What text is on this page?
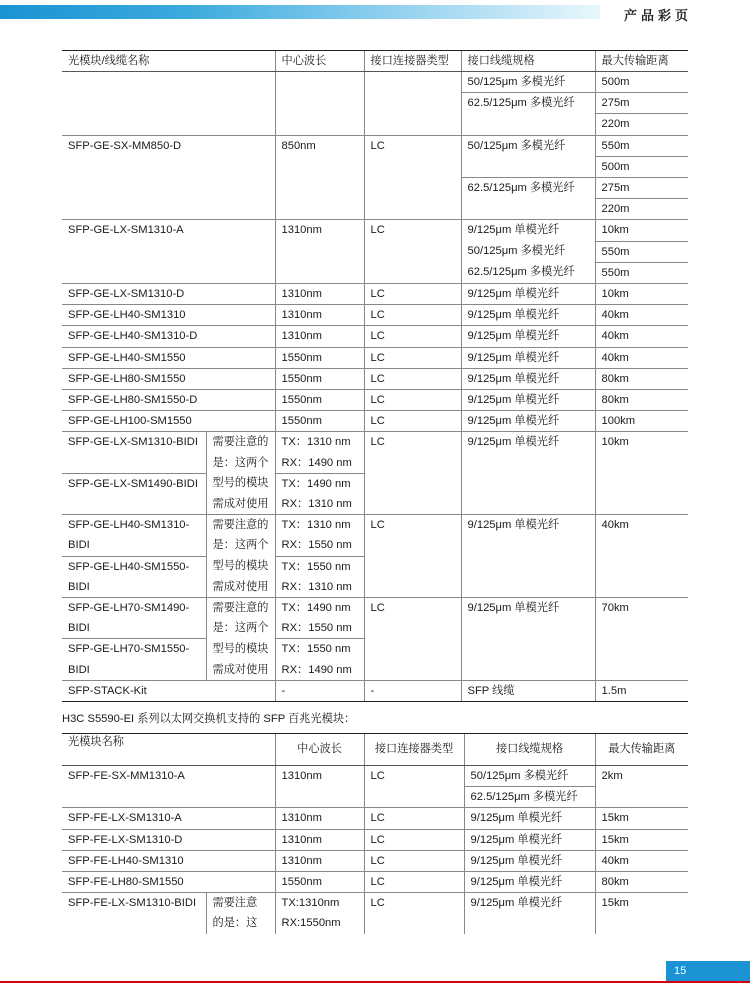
产品彩页
光模块/线缆名称		中心波长	接口连接器类型	接口线缆规格	最大传输距离
				50/125μm 多模光纤	500m
				62.5/125μm 多模光纤	275m
					220m
SFP-GE-SX-MM850-D		850nm	LC	50/125μm 多模光纤	550m
					500m
				62.5/125μm 多模光纤	275m
					220m
SFP-GE-LX-SM1310-A		1310nm	LC	9/125μm 单模光纤	10km
				50/125μm 多模光纤	550m
				62.5/125μm 多模光纤	550m
SFP-GE-LX-SM1310-D		1310nm	LC	9/125μm 单模光纤	10km
SFP-GE-LH40-SM1310		1310nm	LC	9/125μm 单模光纤	40km
SFP-GE-LH40-SM1310-D		1310nm	LC	9/125μm 单模光纤	40km
SFP-GE-LH40-SM1550		1550nm	LC	9/125μm 单模光纤	40km
SFP-GE-LH80-SM1550		1550nm	LC	9/125μm 单模光纤	80km
SFP-GE-LH80-SM1550-D		1550nm	LC	9/125μm 单模光纤	80km
SFP-GE-LH100-SM1550		1550nm	LC	9/125μm 单模光纤	100km
SFP-GE-LX-SM1310-BIDI	需要注意的	TX：1310 nm	LC	9/125μm 单模光纤	10km
	是：这两个	RX：1490 nm			
SFP-GE-LX-SM1490-BIDI	型号的模块	TX：1490 nm			
	需成对使用	RX：1310 nm			
SFP-GE-LH40-SM1310-	需要注意的	TX：1310 nm	LC	9/125μm 单模光纤	40km
BIDI	是：这两个	RX：1550 nm			
SFP-GE-LH40-SM1550-	型号的模块	TX：1550 nm			
BIDI	需成对使用	RX：1310 nm			
SFP-GE-LH70-SM1490-	需要注意的	TX：1490 nm	LC	9/125μm 单模光纤	70km
BIDI	是：这两个	RX：1550 nm			
SFP-GE-LH70-SM1550-	型号的模块	TX：1550 nm			
BIDI	需成对使用	RX：1490 nm			
SFP-STACK-Kit		-	-	SFP 线缆	1.5m
H3C S5590-EI 系列以太网交换机支持的 SFP 百兆光模块：
光模块名称		中心波长	接口连接器类型	接口线缆规格	最大传输距离
SFP-FE-SX-MM1310-A		1310nm	LC	50/125μm 多模光纤	2km
				62.5/125μm 多模光纤	
SFP-FE-LX-SM1310-A		1310nm	LC	9/125μm 单模光纤	15km
SFP-FE-LX-SM1310-D		1310nm	LC	9/125μm 单模光纤	15km
SFP-FE-LH40-SM1310		1310nm	LC	9/125μm 单模光纤	40km
SFP-FE-LH80-SM1550		1550nm	LC	9/125μm 单模光纤	80km
SFP-FE-LX-SM1310-BIDI	需要注意	TX:1310nm	LC	9/125μm 单模光纤	15km
	的是：这	RX:1550nm			
15
